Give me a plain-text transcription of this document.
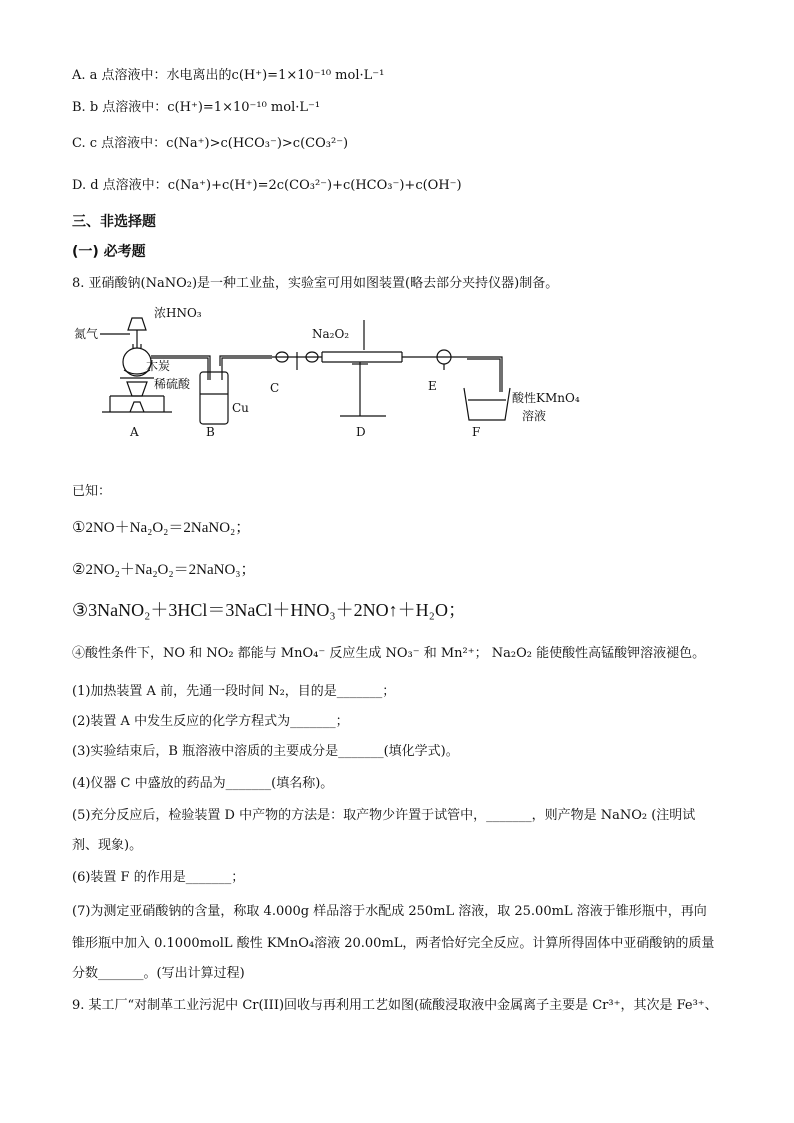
A. a 点溶液中：水电离出的c(H⁺)=1×10⁻¹⁰ mol·L⁻¹
B. b 点溶液中：c(H⁺)=1×10⁻¹⁰ mol·L⁻¹
C. c 点溶液中：c(Na⁺)>c(HCO₃⁻)>c(CO₃²⁻)
D. d 点溶液中：c(Na⁺)+c(H⁺)=2c(CO₃²⁻)+c(HCO₃⁻)+c(OH⁻)
三、非选择题
(一) 必考题
8. 亚硝酸钠(NaNO₂)是一种工业盐，实验室可用如图装置(略去部分夹持仪器)制备。
浓HNO₃
氮气
木炭
稀硫酸
Cu
Na₂O₂
酸性KMnO₄
溶液
A	B
C
D
E
F
已知：
①2NO＋Na₂O₂＝2NaNO₂；
②2NO₂＋Na₂O₂＝2NaNO₃；
③3NaNO₂＋3HCl＝3NaCl＋HNO₃＋2NO↑＋H₂O；
④酸性条件下，NO 和 NO₂ 都能与 MnO₄⁻ 反应生成 NO₃⁻ 和 Mn²⁺； Na₂O₂ 能使酸性高锰酸钾溶液褪色。
(1)加热装置 A 前，先通一段时间 N₂，目的是_______；
(2)装置 A 中发生反应的化学方程式为_______；
(3)实验结束后，B 瓶溶液中溶质的主要成分是_______(填化学式)。
(4)仪器 C 中盛放的药品为_______(填名称)。
(5)充分反应后，检验装置 D 中产物的方法是：取产物少许置于试管中，_______，则产物是 NaNO₂ (注明试
剂、现象)。
(6)装置 F 的作用是_______；
(7)为测定亚硝酸钠的含量，称取 4.000g 样品溶于水配成 250mL 溶液，取 25.00mL 溶液于锥形瓶中，再向
锥形瓶中加入 0.1000molL 酸性 KMnO₄溶液 20.00mL，两者恰好完全反应。计算所得固体中亚硝酸钠的质量
分数_______。(写出计算过程)
9. 某工厂“对制革工业污泥中 Cr(III)回收与再利用工艺如图(硫酸浸取液中金属离子主要是 Cr³⁺，其次是 Fe³⁺、
